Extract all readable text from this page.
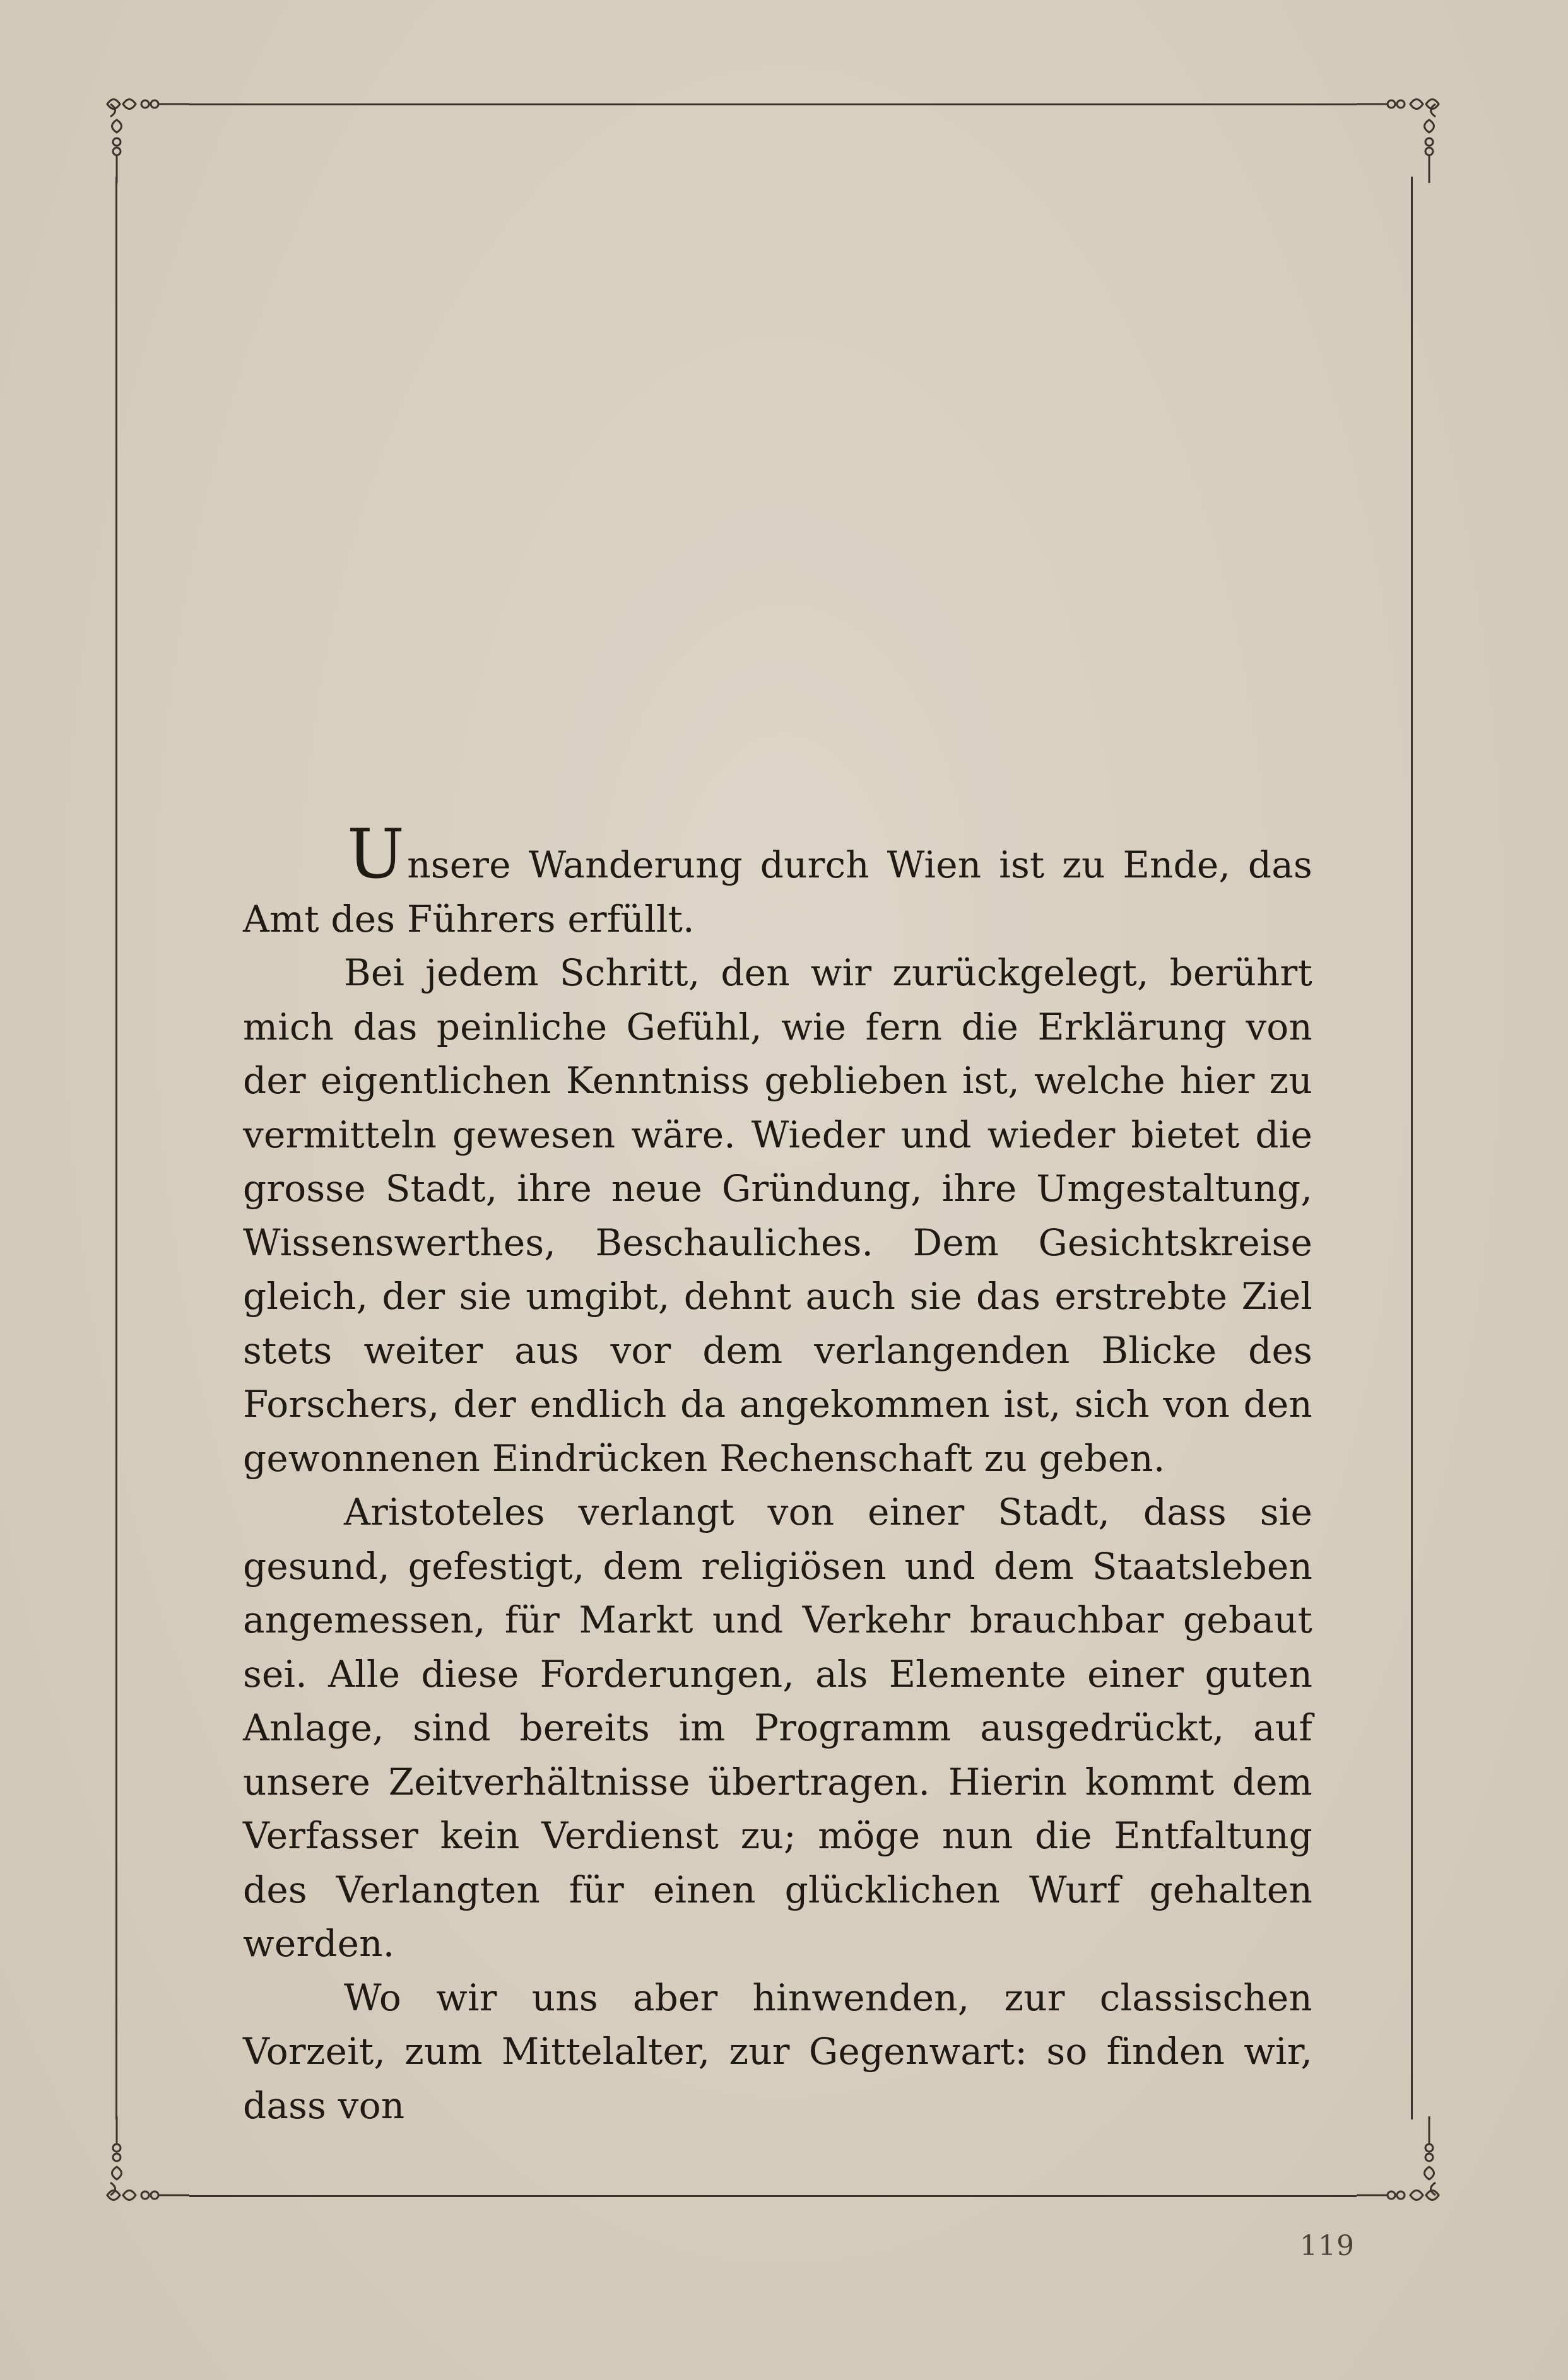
Unsere Wanderung durch Wien ist zu Ende, das Amt des Führers erfüllt.

Bei jedem Schritt, den wir zurückgelegt, berührt mich das peinliche Gefühl, wie fern die Erklärung von der eigentlichen Kenntniss geblieben ist, welche hier zu vermitteln gewesen wäre. Wieder und wieder bietet die grosse Stadt, ihre neue Gründung, ihre Umgestaltung, Wissenswerthes, Beschauliches. Dem Gesichtskreise gleich, der sie umgibt, dehnt auch sie das erstrebte Ziel stets weiter aus vor dem verlangenden Blicke des Forschers, der endlich da angekommen ist, sich von den gewonnenen Eindrücken Rechenschaft zu geben.

Aristoteles verlangt von einer Stadt, dass sie gesund, gefestigt, dem religiösen und dem Staatsleben angemessen, für Markt und Verkehr brauchbar gebaut sei. Alle diese Forderungen, als Elemente einer guten Anlage, sind bereits im Programm ausgedrückt, auf unsere Zeitverhältnisse übertragen. Hierin kommt dem Verfasser kein Verdienst zu; möge nun die Entfaltung des Verlangten für einen glücklichen Wurf gehalten werden.

Wo wir uns aber hinwenden, zur classischen Vorzeit, zum Mittelalter, zur Gegenwart: so finden wir, dass von

119
